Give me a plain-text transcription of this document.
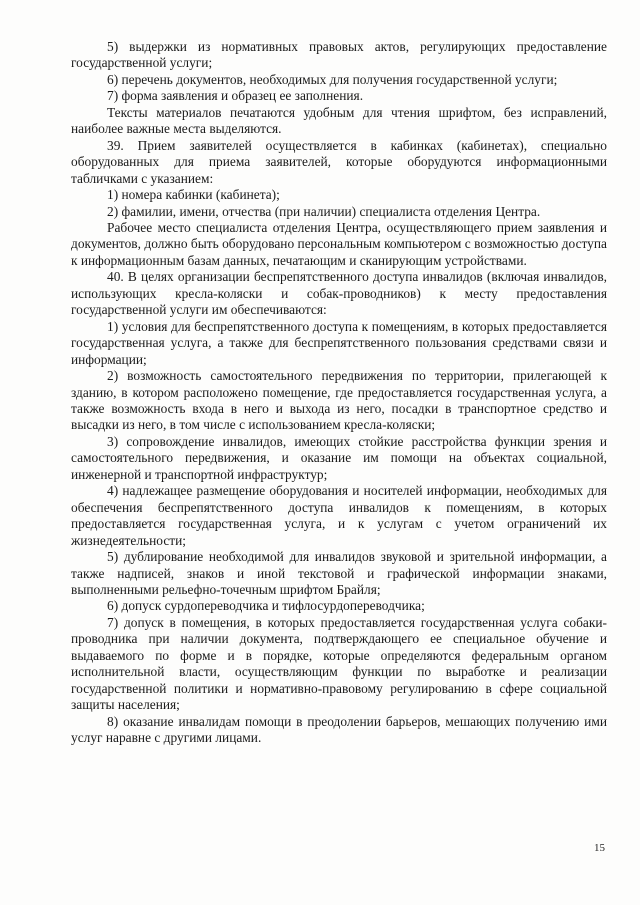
5) выдержки из нормативных правовых актов, регулирующих предоставление государственной услуги;

6) перечень документов, необходимых для получения государственной услуги;

7) форма заявления и образец ее заполнения.

Тексты материалов печатаются удобным для чтения шрифтом, без исправлений, наиболее важные места выделяются.

39. Прием заявителей осуществляется в кабинках (кабинетах), специально оборудованных для приема заявителей, которые оборудуются информационными табличками с указанием:

1) номера кабинки (кабинета);

2) фамилии, имени, отчества (при наличии) специалиста отделения Центра.

Рабочее место специалиста отделения Центра, осуществляющего прием заявления и документов, должно быть оборудовано персональным компьютером с возможностью доступа к информационным базам данных, печатающим и сканирующим устройствами.

40. В целях организации беспрепятственного доступа инвалидов (включая инвалидов, использующих кресла-коляски и собак-проводников) к месту предоставления государственной услуги им обеспечиваются:

1) условия для беспрепятственного доступа к помещениям, в которых предоставляется государственная услуга, а также для беспрепятственного пользования средствами связи и информации;

2) возможность самостоятельного передвижения по территории, прилегающей к зданию, в котором расположено помещение, где предоставляется государственная услуга, а также возможность входа в него и выхода из него, посадки в транспортное средство и высадки из него, в том числе с использованием кресла-коляски;

3) сопровождение инвалидов, имеющих стойкие расстройства функции зрения и самостоятельного передвижения, и оказание им помощи на объектах социальной, инженерной и транспортной инфраструктур;

4) надлежащее размещение оборудования и носителей информации, необходимых для обеспечения беспрепятственного доступа инвалидов к помещениям, в которых предоставляется государственная услуга, и к услугам с учетом ограничений их жизнедеятельности;

5) дублирование необходимой для инвалидов звуковой и зрительной информации, а также надписей, знаков и иной текстовой и графической информации знаками, выполненными рельефно-точечным шрифтом Брайля;

6) допуск сурдопереводчика и тифлосурдопереводчика;

7) допуск в помещения, в которых предоставляется государственная услуга собаки-проводника при наличии документа, подтверждающего ее специальное обучение и выдаваемого по форме и в порядке, которые определяются федеральным органом исполнительной власти, осуществляющим функции по выработке и реализации государственной политики и нормативно-правовому регулированию в сфере социальной защиты населения;

8) оказание инвалидам помощи в преодолении барьеров, мешающих получению ими услуг наравне с другими лицами.

15
